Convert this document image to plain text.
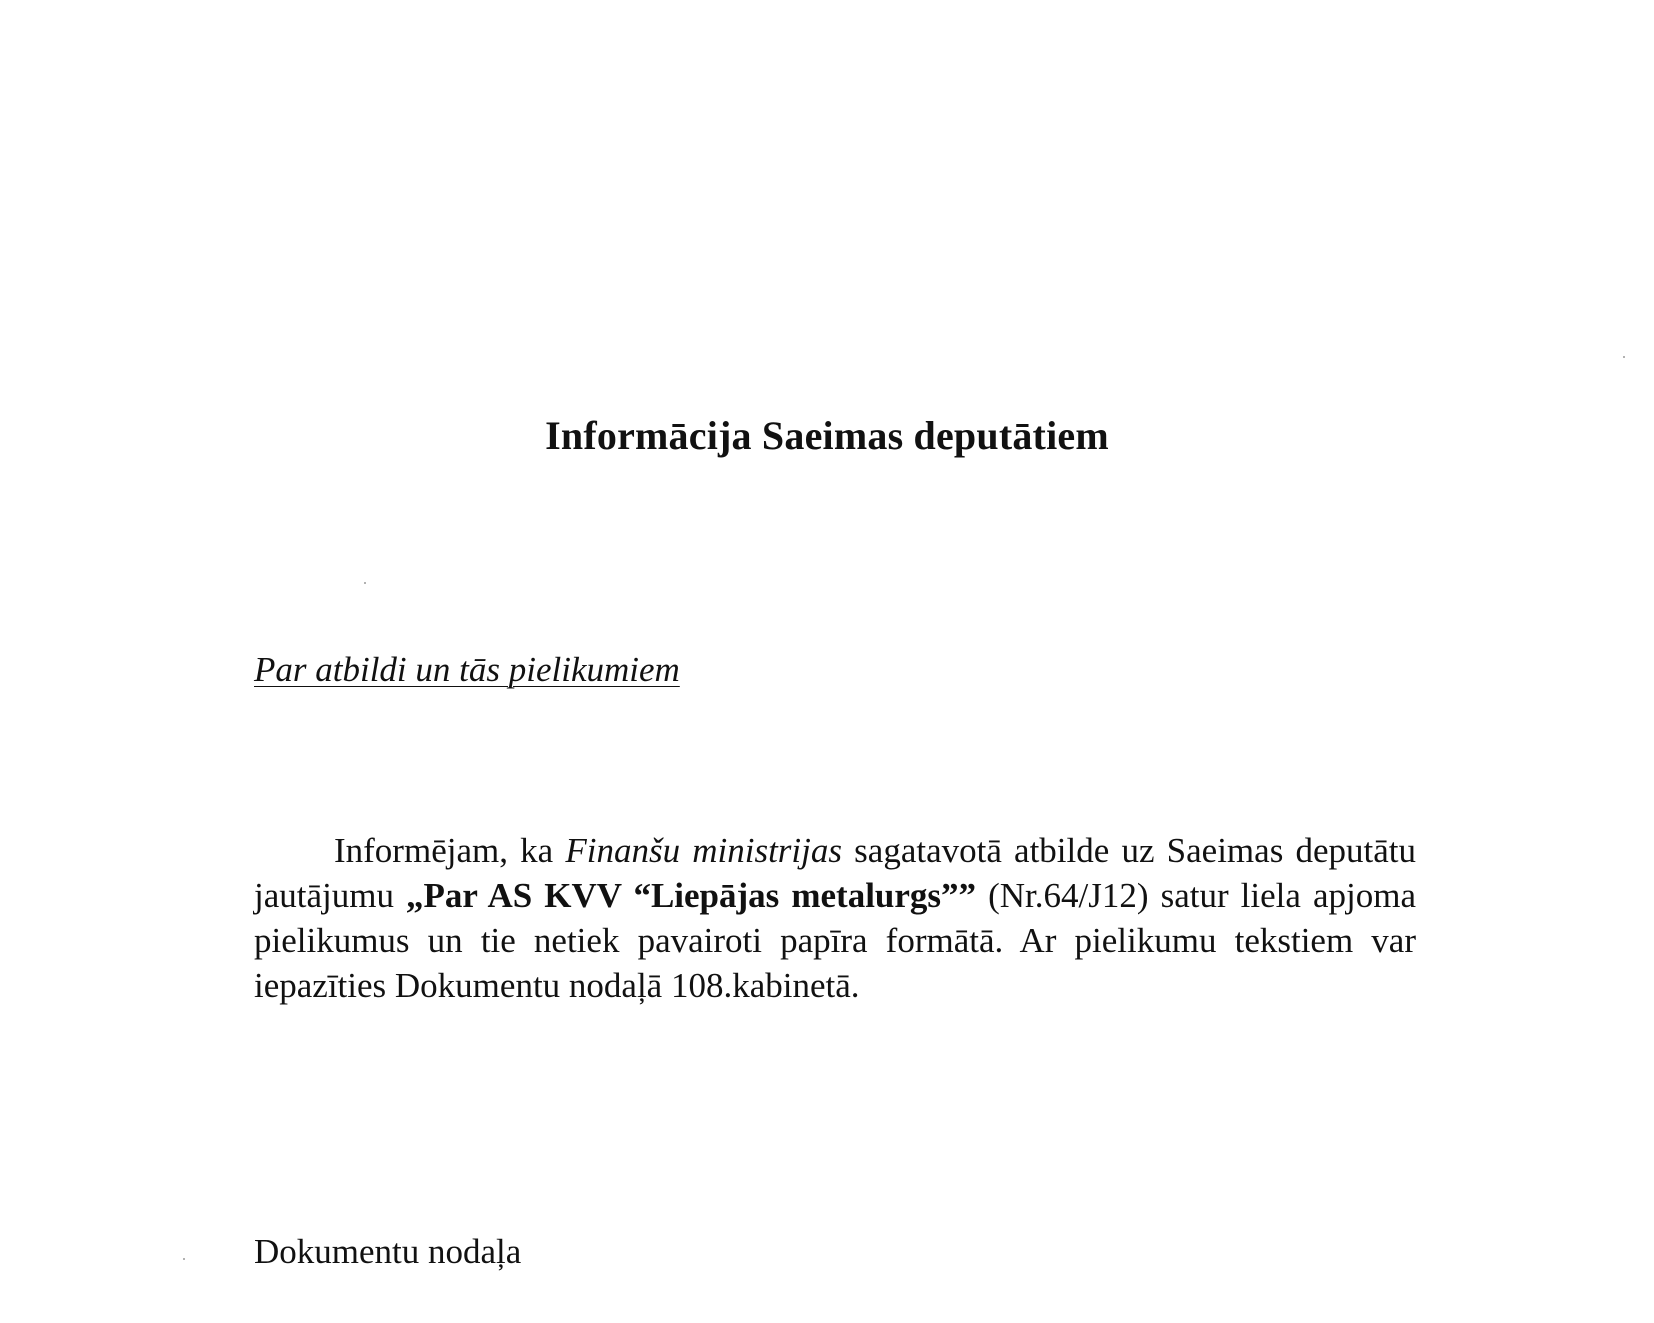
Informācija Saeimas deputātiem
Par atbildi un tās pielikumiem

Informējam, ka Finanšu ministrijas sagatavotā atbilde uz Saeimas deputātu jautājumu „Par AS KVV “Liepājas metalurgs”” (Nr.64/J12) satur liela apjoma pielikumus un tie netiek pavairoti papīra formātā. Ar pielikumu tekstiem var iepazīties Dokumentu nodaļā 108.kabinetā.

Dokumentu nodaļa
